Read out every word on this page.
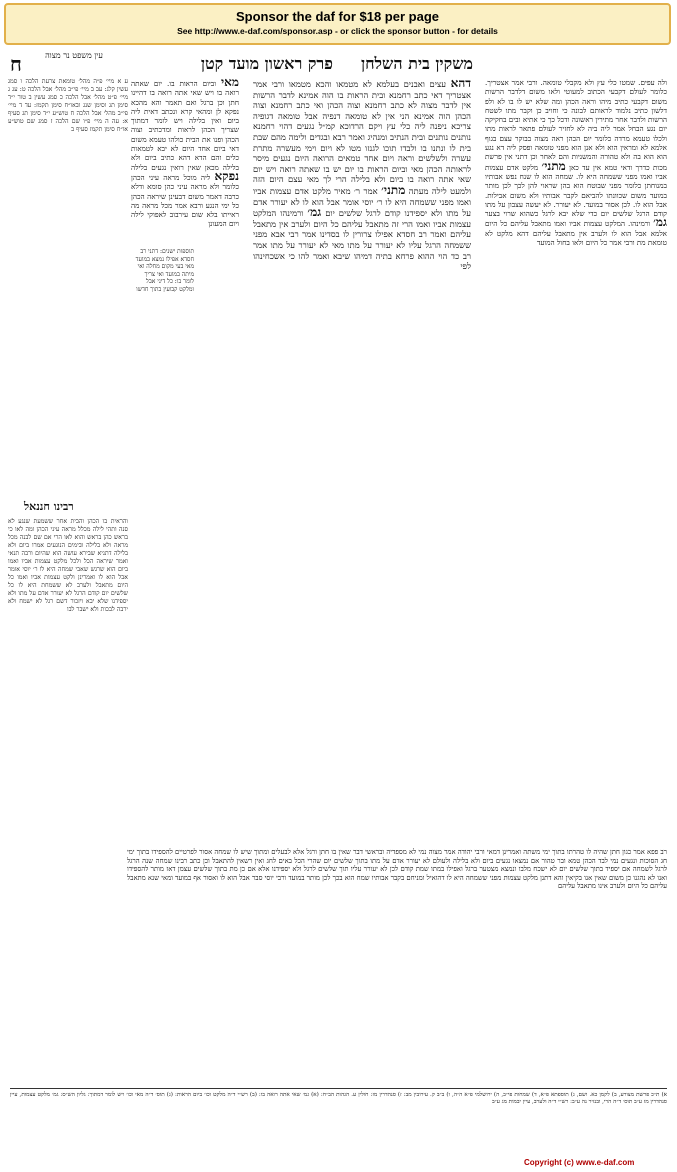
Sponsor the daf for $18 per page
See http://www.e-daf.com/sponsor.asp - or click the sponsor button - for details
משקין בית השלחן
פרק ראשון מועד קטן
ח	עין משפט נר מצוה
ולה עפים. שמטו כלי עץ ולא מקבלי טומאה. ורבי אמר אצטריך. כלומר לעולם דקבעי הכתוב למעוטי ולאו משום דלדבר הרשות משום דקבעי כתיב מיהו וראה הכהן ומה שלא יש לו בו לא ולפ דלשון כתיב נלמוד לראותם לבונה כי וחויב כן וקבר מתו לשטח הרשות ולדבר אחר מתירין ראשונה ודכל כך כי אתיא ובים בחקיקה יום נגע הבחל אמר ליה ביה לא לחזיר לעולם פתאר לראות מתו ולכלו טעמא מרדה כלומר יום הכהן ראה מצוה בבוקר עצם בגוף אלמא לא ומראין הוא ולא אנן הוא מפני טומאה ופסק ליה דא נגע הוא הוא בה ולא טהורה והמשניות והם לאחר וכן דתני אין פרשת מכות כדרך ודאי טמא אין עד כאן מתני׳ מלקט אדם עצמות אביו ואמו מפני ששמחה היא לו. שמחה הוא לו שנח נפש אבותיו במנוחתן כלומר מפני שבוטח הוא בהן שראוי להן לכך לכן מותר במועד משום שכוונתו להביאם לקבר אבותיו ולא משום אבילות. אבל הוא לו. לכן אסור במועד. לא יעורר. לא יעשה עצבון על מתו קודם הרגל שלשים יום כדי שלא יבא לרגל כשהוא שרוי בצער גמ׳ ורמינהו. המלקט עצמות אביו ואמו מתאבל עליהם כל היום אלמא אבל הוא לו ולערב אין מתאבל עליהם דהא מלקט לא טומאת מת ורבי אמר כל היום ולאו בחול המועד
דהא עצים ואבנים בעלמא לא מטמאו והכא מטמאו ורבי אמר אצטריך דאי כתב רחמנא ובית הראות בו הוה אמינא לדבר הרשות אין לדבר מצוה לא כתב רחמנא וצוה הכהן ואי כתב רחמנא וצוה הכהן הוה אמינא הני אין לא טומאה דנפיה אבל טומאה דגופיה צריכא ניפנה ליה כלי עץ ויקם הרדוכא קמ״ל נגעים דהוי רחמנא נותנים נותנים ובית הנתיב ומנהיג ואמר רבא ובגדים ולימה מהם שבת בית לו ונתנו בו ולבדו תוכו לגנזו מטו לא ויום וימי מעשרה מתרת עשרה ולשלשים וראה ויום אחד טמאים הרואה היום נגעים מיסר לראותה הכהן מאי וביום הראות בו יום יש בו שאתה רואה ויש יום שאי אתה רואה בו ביום ולא בלילה הרי לך מאי עצם היום הזה ולמעט לילה מעתה מתני׳ אמר ר׳ מאיר מלקט אדם עצמות אביו ואמו מפני ששמחה היא לו ר׳ יוסי אומר אבל הוא לו לא יעורר אדם על מתו ולא יספידנו קודם לרגל שלשים יום גמ׳ ורמינהו המלקט עצמות אביו ואמו הרי זה מתאבל עליהם כל היום ולערב אין מתאבל עליהם ואמר רב חסדא אפילו צרורין לו בסדינו אמר רבי אבא מפני ששמחה הרגל עליו לא יעורר על מתו מאי לא יעורר על מתו אמר רב כד הוי ההוא פרחא בתיה דמיהו שיבא ואמר להו כי אשכחינהו לפי
מאי וביום הראות בו. יום שאתה רואה בו ויש שאי אתה רואה בו דהיינו חתן וכן ברגל ואם תאמר והא מהכא נפקא לן ומהאי קרא ונכתב דאית ליה ביום ואין בלילה ויש לומר דמתוך שצריך הכהן לראות ומדכתיב וצוה הכהן ופנו את הבית כולהו טעמא משום דאי ביום אחד היום לא יבא לטמאות כלים והם הדא דהא כתיב ביום ולא בלילה מכאן שאין רואין נגעים בלילה נפקא ליה מוכל מראה עיני הכהן כלומר ולא מראה עיני כהן סומא ודלא כרבה דאמר משום דבעינן שיראה הכהן כל ימי הנגע ורבא אמר מכל מראה מה ראייתו בלא שום עירבוב לאפוקי לילה ויום המעונן
ע א מיי׳ פ״ה מהל׳ טומאת צרעת הלכה ו סמג עשין קלג: עב ב מיי׳ פי״ב מהל׳ אבל הלכה ט: עג ג מיי׳ פ״ט מהל׳ אבל הלכה כ סמג עשין ב טור י״ד סימן תג וסימן שנג ובאו״ח סימן תקמז: עד ד מיי׳ פי״ב מהל׳ אבל הלכה ח טוש״ע י״ד סימן תג סעיף א: עה ה מיי׳ פ״ו שם הלכה ז סמג שם טוש״ע או״ח סימן תקמז סעיף ב
רבינו חננאל
והראית בו הכהן והבית אחר ששמעת שנגע לא סנה ותהי לילה מכלל מראה עיני הכהן ומה לאו כי בראש כהן בראש והוא לאו הרי אם שם לבנה מכל מראה ולא בלילה ובימים הנוגעים אמרו ביום ולא בלילה דתניא שבירא עושה הוא שהיום ורבה תנאי ואמר שיראה הכל ולכל מלקט עצמות אביו ואמו ביום הוא שרגש שאבי שמחה היא לו ר׳ יוסי אומר אבל הוא לו ואמרינן ולקט עצמות אביו ואמו כל היום מתאבל ולערב לא ששמחת היא לו כל שלשים יום קודם הרגל לא יעורר אדם על מתו ולא יספידנו שלא יבא ויזכור דשם רגל לא ישמח ולא ירבה לבכות ולא ישבר לבו
תוספות ישנים: דתני רב חסדא אפילו נמצא במועד מאי בעי מקום מחלה ואי מיתה במועד ואי צריך לומר בו: כל דיני אבל ומלקט קבועין בתוך חדשו
רב פפא אמר כגון חתן שהיה לו טהרתו בתוך ימי משתה ואמרינן דמאי ורבי יהודה אמר מצוה נמי לא מספדיה ובראשי דבר שאין בו חתן ורגל אלא לבעלים ומתוך שיש לו שמחה אסור לפרטיים להספידו בתוך ימי חג הסוכות ונגעים נמי לבד הכהן טמא ובר טהור אם נמצאו נגעים ביום ולא בלילה ולעולם לא יעורר אדם על מתו בתוך שלשים יום שהרי הכל באים לחג ואין רשאין להתאבל וכן כתב רבינו שמחה שנה הרגל לרגל לשמחה אם יספיד בתוך שלשים יום לא ישכח מלבו ונמצא מצטער ברגל ואפילו במתו שמת קודם לכן לא יעורר עליו תוך שלשים לרגל ולא יספידנו אלא אם כן מת בתוך שלשים עצמן דאז מותר להספידו ואנו לא נהגנו כן משום שאין אנו בקיאין והא דתנן מלקט עצמות מפני ששמחה היא לו דהואיל ומניחם בקבר אבותיו שמח הוא בכך לכן מותר במועד ורבי יוסי סבר אבל הוא לו ואסור אף במועד ומאי שנא מתאבל עליהם כל היום ולערב אינו מתאבל עליהם
א) ת״כ פרשת מצורע, ב) לקמן כא. ושם, ג) תוספתא פ״א, ד) שמחות פי״ב, ה) ירושלמי פ״א ה״ה, ו) ב״ב ק. עירובין מב: ז) סנהדרין מז: חולין ע. הגהות הב״ח: (א) גמ׳ שאי אתה רואה בו: (ב) רש״י ד״ה מלקט וכו׳ ביום הראות: (ג) תוס׳ ד״ה מאי וכו׳ ויש לומר דמתוך: גליון הש״ס: גמ׳ מלקט עצמות, עיין סנהדרין מז ע״ב תוס׳ ד״ה הרי, ובנזיר נה ע״ב: רש״י ד״ה ולערב, עיין יבמות מג ע״ב
Copyright (c) www.e-daf.com
